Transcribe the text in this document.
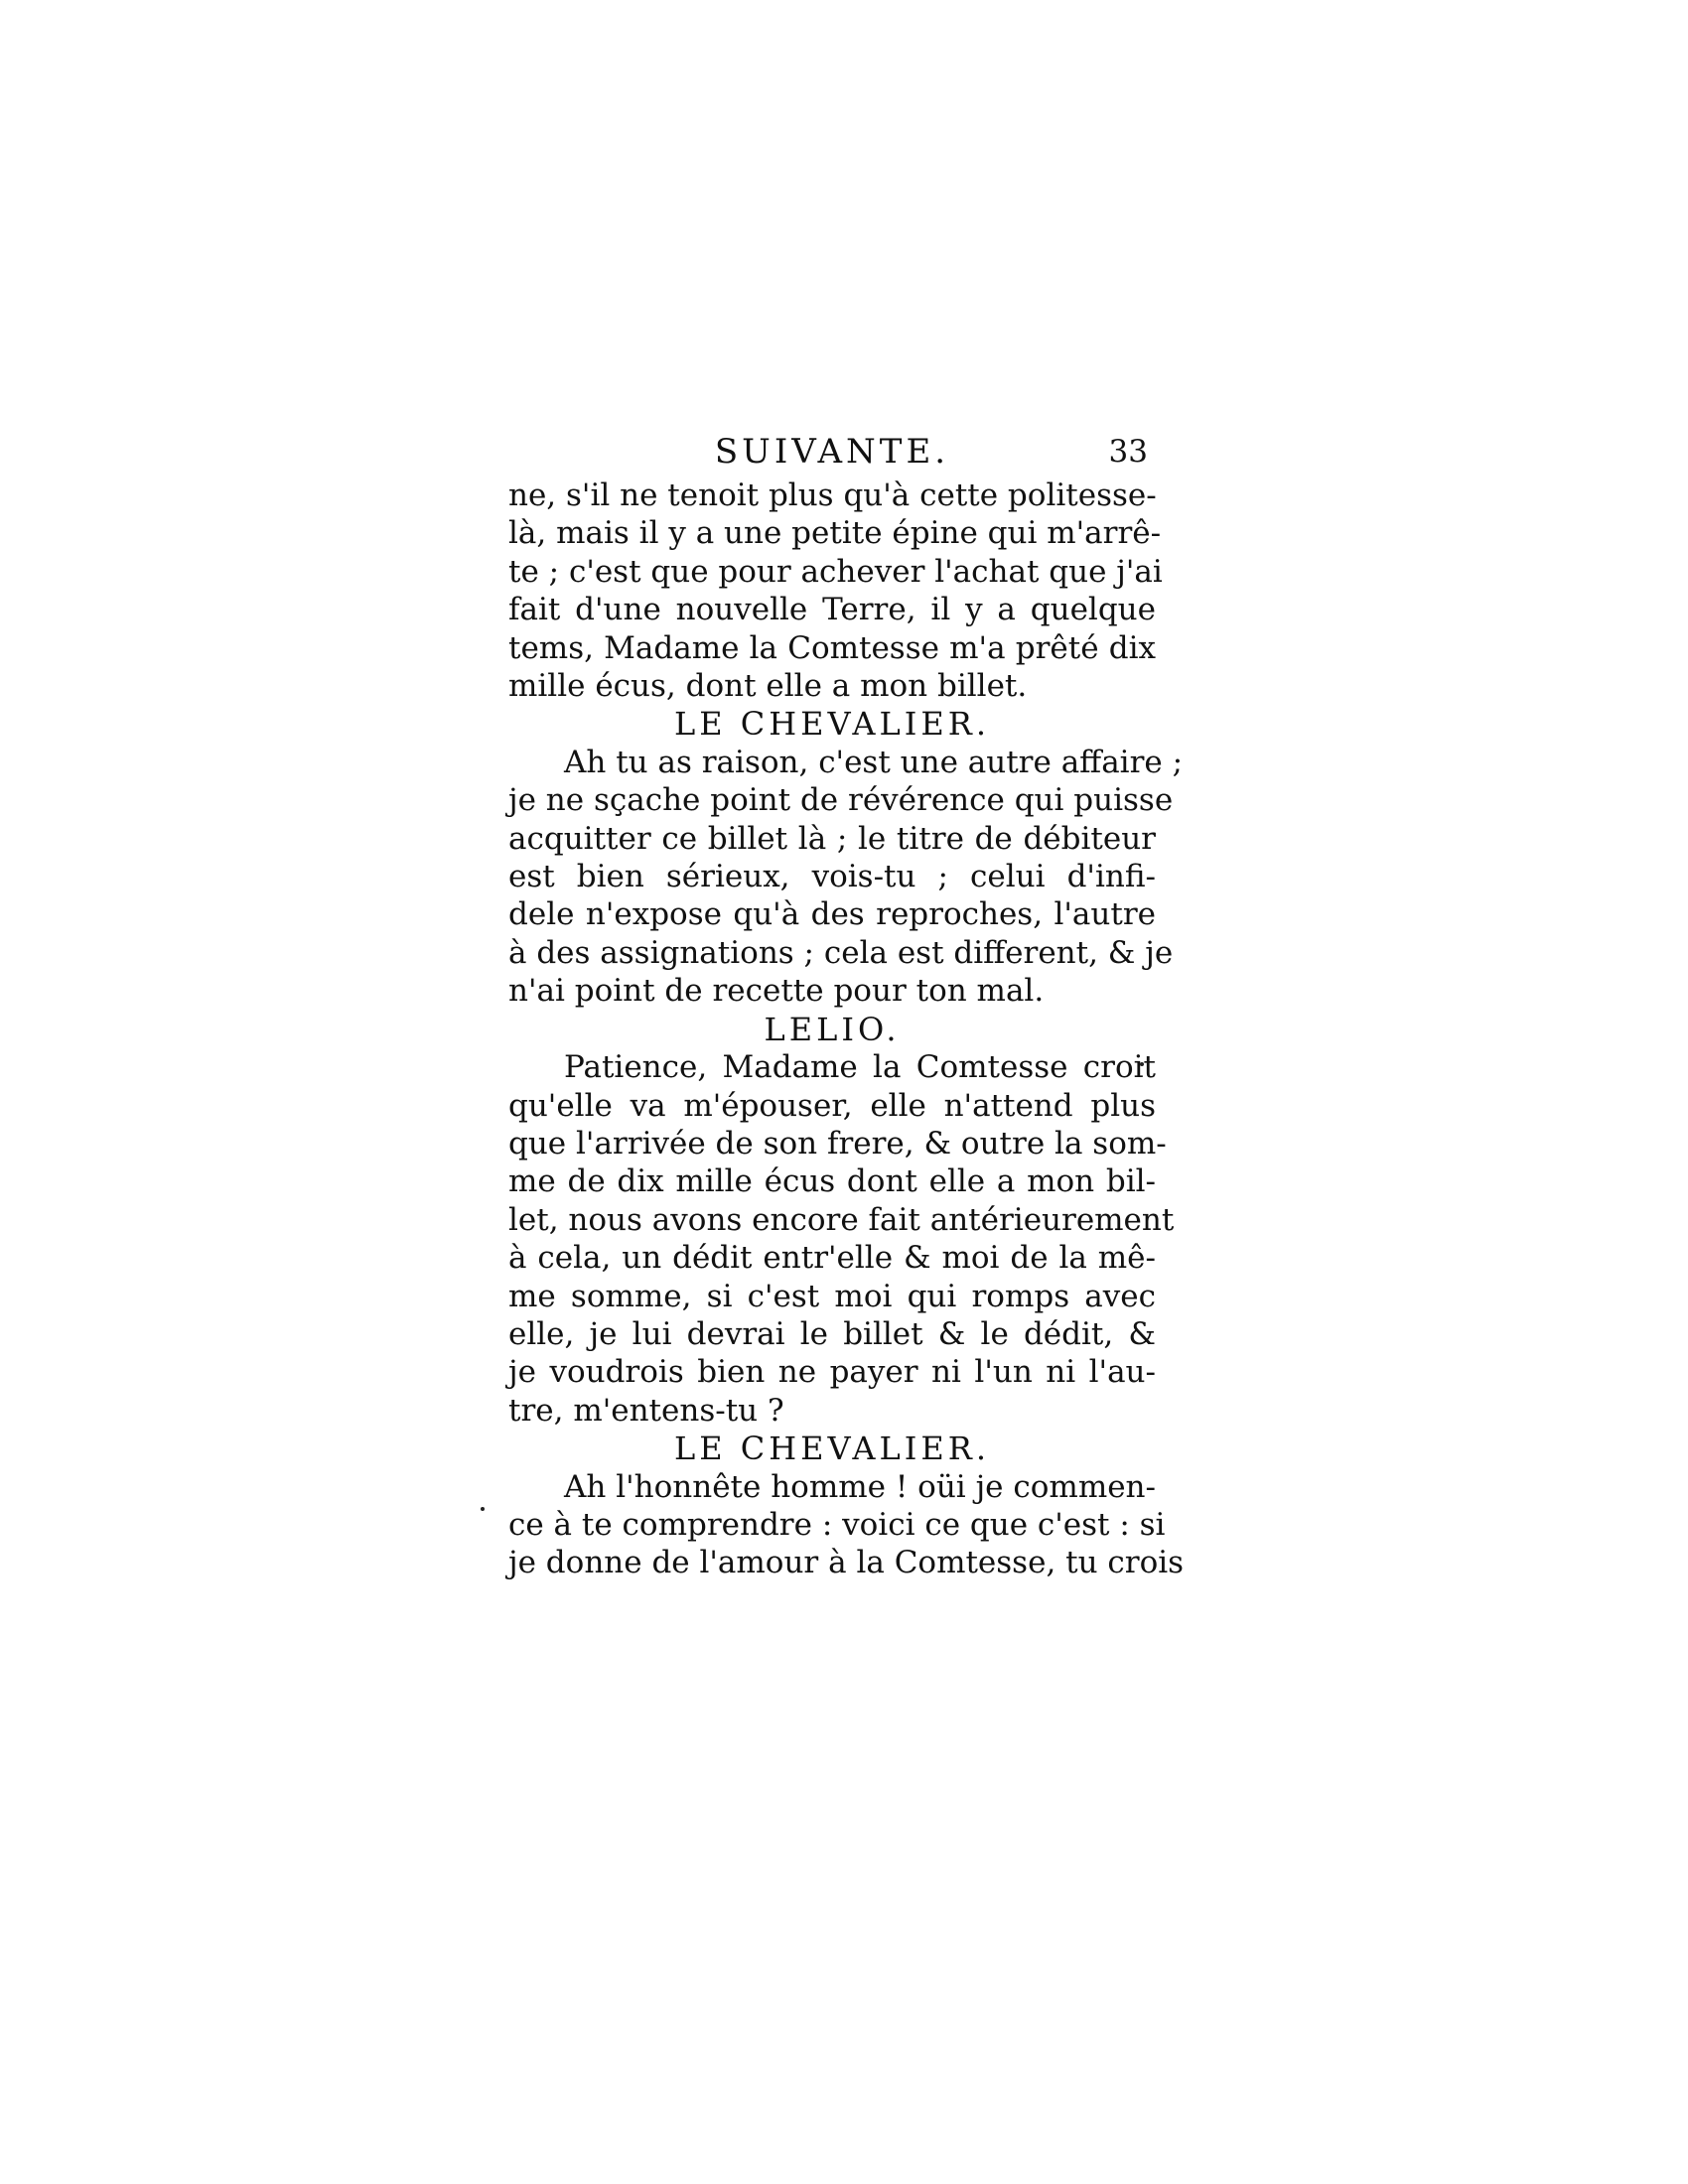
SUIVANTE.	33
ne, s'il ne tenoit plus qu'à cette politesse-
là, mais il y a une petite épine qui m'arrê-
te ; c'est que pour achever l'achat que j'ai
fait d'une nouvelle Terre, il y a quelque
tems, Madame la Comtesse m'a prêté dix
mille écus, dont elle a mon billet.
LE CHEVALIER.
Ah tu as raison, c'est une autre affaire ;
je ne sçache point de révérence qui puisse
acquitter ce billet là ; le titre de débiteur
est bien sérieux, vois-tu ; celui d'infi-
dele n'expose qu'à des reproches, l'autre
à des assignations ; cela est different, & je
n'ai point de recette pour ton mal.
LELIO.
Patience, Madame la Comtesse croit
qu'elle va m'épouser, elle n'attend plus
que l'arrivée de son frere, & outre la som-
me de dix mille écus dont elle a mon bil-
let, nous avons encore fait antérieurement
à cela, un dédit entr'elle & moi de la mê-
me somme, si c'est moi qui romps avec
elle, je lui devrai le billet & le dédit, &
je voudrois bien ne payer ni l'un ni l'au-
tre, m'entens-tu ?
LE CHEVALIER.
Ah l'honnête homme ! oüi je commen-
ce à te comprendre : voici ce que c'est : si
je donne de l'amour à la Comtesse, tu crois
